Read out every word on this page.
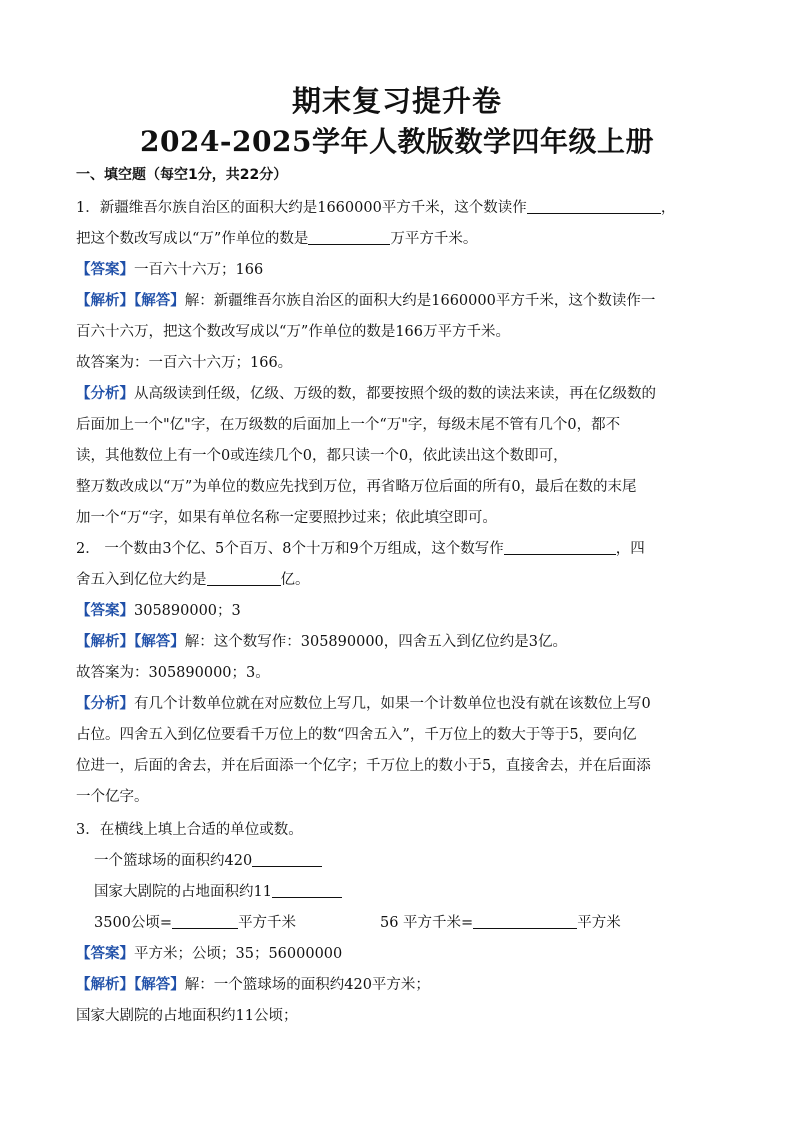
期末复习提升卷
2024-2025学年人教版数学四年级上册
一、填空题（每空1分，共22分）
1．新疆维吾尔族自治区的面积大约是1660000平方千米，这个数读作	，
把这个数改写成以“万”作单位的数是	万平方千米。
【答案】一百六十六万；166
【解析】【解答】解：新疆维吾尔族自治区的面积大约是1660000平方千米，这个数读作一
百六十六万，把这个数改写成以“万”作单位的数是166万平方千米。
故答案为：一百六十六万；166。
【分析】从高级读到任级，亿级、万级的数，都要按照个级的数的读法来读，再在亿级数的
后面加上一个"亿"字，在万级数的后面加上一个“万"字，每级末尾不管有几个0，都不
读，其他数位上有一个0或连续几个0，都只读一个0，依此读出这个数即可，
整万数改成以“万”为单位的数应先找到万位，再省略万位后面的所有0，最后在数的末尾
加一个“万“字，如果有单位名称一定要照抄过来；依此填空即可。
2． 一个数由3个亿、5个百万、8个十万和9个万组成，这个数写作	，四
舍五入到亿位大约是	亿。
【答案】305890000；3
【解析】【解答】解：这个数写作：305890000，四舍五入到亿位约是3亿。
故答案为：305890000；3。
【分析】有几个计数单位就在对应数位上写几，如果一个计数单位也没有就在该数位上写0
占位。四舍五入到亿位要看千万位上的数“四舍五入”，千万位上的数大于等于5，要向亿
位进一，后面的舍去，并在后面添一个亿字；千万位上的数小于5，直接舍去，并在后面添
一个亿字。
3．在横线上填上合适的单位或数。
一个篮球场的面积约420
国家大剧院的占地面积约11
3500公顷=	平方千米	56 平方千米=	平方米
【答案】平方米；公顷；35；56000000
【解析】【解答】解：一个篮球场的面积约420平方米；
国家大剧院的占地面积约11公顷；
